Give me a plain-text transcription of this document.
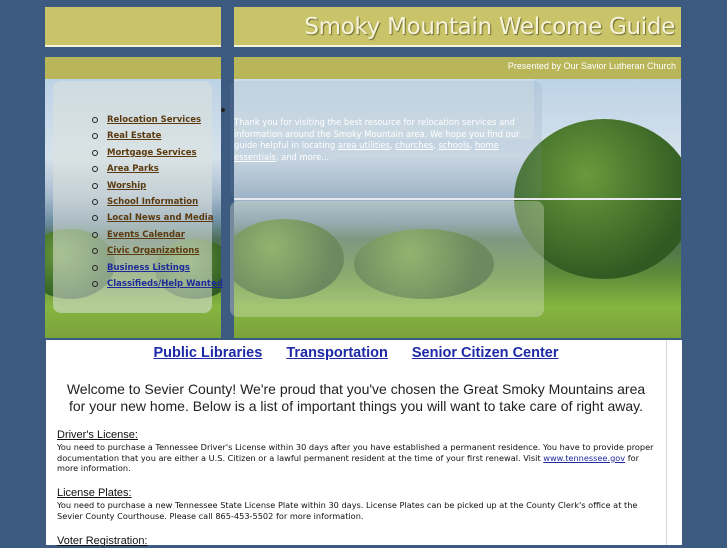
Smoky Mountain Welcome Guide
Presented by Our Savior Lutheran Church
Relocation Services
Real Estate
Mortgage Services
Area Parks
Worship
School Information
Local News and Media
Events Calendar
Civic Organizations
Business Listings
Classifieds/Help Wanted
Thank you for visiting the best resource for relocation services and information around the Smoky Mountain area. We hope you find our guide helpful in locating area utilities, churches, schools, home essentials, and more...
Public Libraries Transportation Senior Citizen Center
Welcome to Sevier County! We're proud that you've chosen the Great Smoky Mountains area for your new home. Below is a list of important things you will want to take care of right away.
Driver's License:
You need to purchase a Tennessee Driver's License within 30 days after you have established a permanent residence. You have to provide proper documentation that you are either a U.S. Citizen or a lawful permanent resident at the time of your first renewal. Visit www.tennessee.gov for more information.
License Plates:
You need to purchase a new Tennessee State License Plate within 30 days. License Plates can be picked up at the County Clerk's office at the Sevier County Courthouse. Please call 865-453-5502 for more information.
Voter Registration:
